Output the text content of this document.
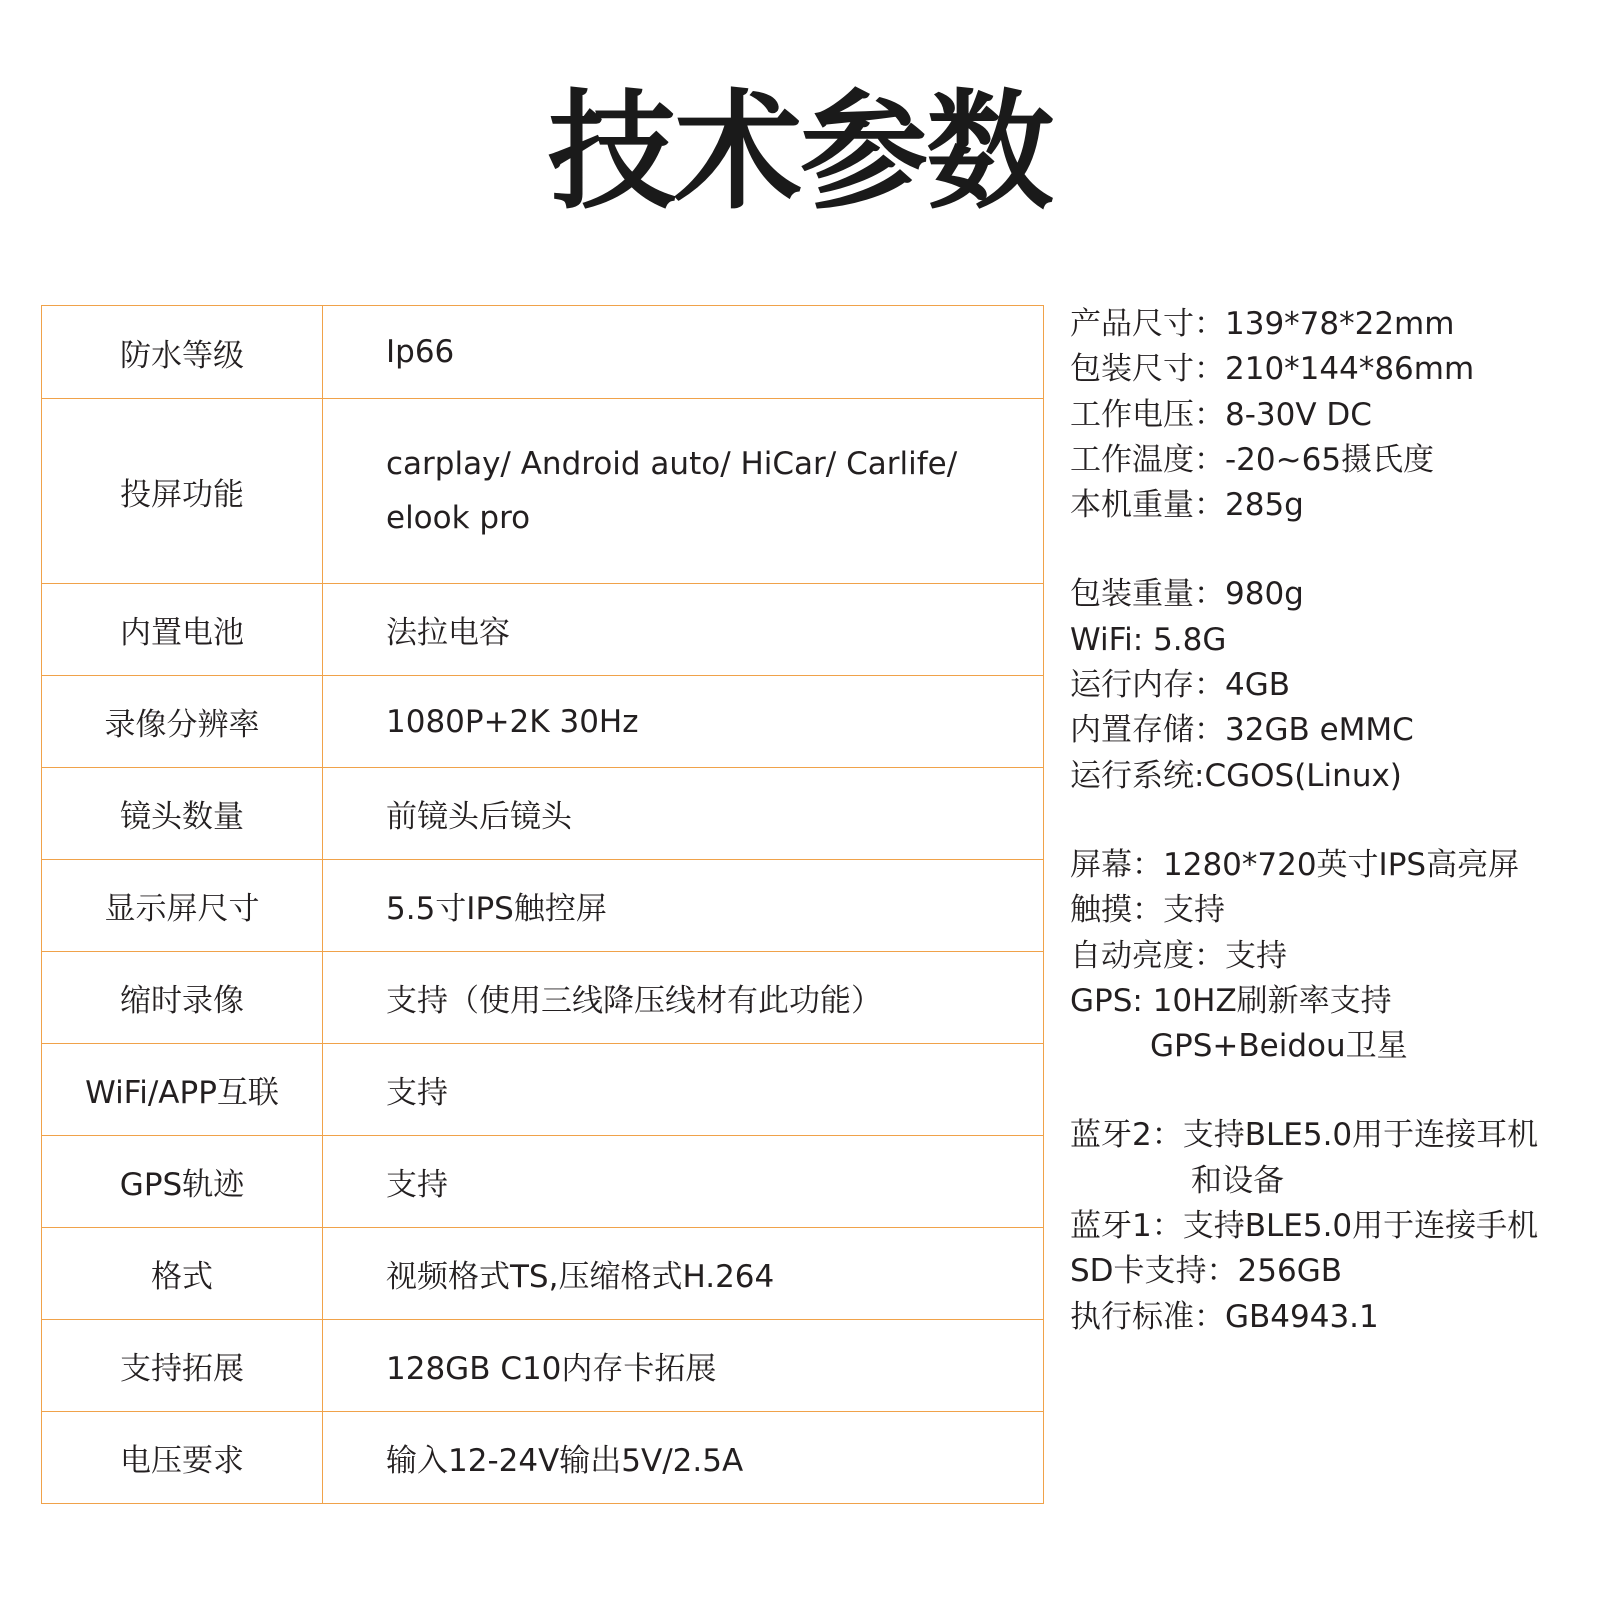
技术参数
防水等级	Ip66
投屏功能	carplay/ Android auto/ HiCar/ Carlife/ elook pro
内置电池	法拉电容
录像分辨率	1080P+2K 30Hz
镜头数量	前镜头后镜头
显示屏尺寸	5.5寸IPS触控屏
缩时录像	支持（使用三线降压线材有此功能）
WiFi/APP互联	支持
GPS轨迹	支持
格式	视频格式TS,压缩格式H.264
支持拓展	128GB C10内存卡拓展
电压要求	输入12-24V输出5V/2.5A
产品尺寸：139*78*22mm
包装尺寸：210*144*86mm
工作电压：8-30V DC
工作温度：-20~65摄氏度
本机重量：285g
包装重量：980g
WiFi: 5.8G
运行内存：4GB
内置存储：32GB eMMC
运行系统:CGOS(Linux)
屏幕：1280*720英寸IPS高亮屏
触摸：支持
自动亮度：支持
GPS: 10HZ刷新率支持
GPS+Beidou卫星
蓝牙2：支持BLE5.0用于连接耳机
和设备
蓝牙1：支持BLE5.0用于连接手机
SD卡支持：256GB
执行标准：GB4943.1
